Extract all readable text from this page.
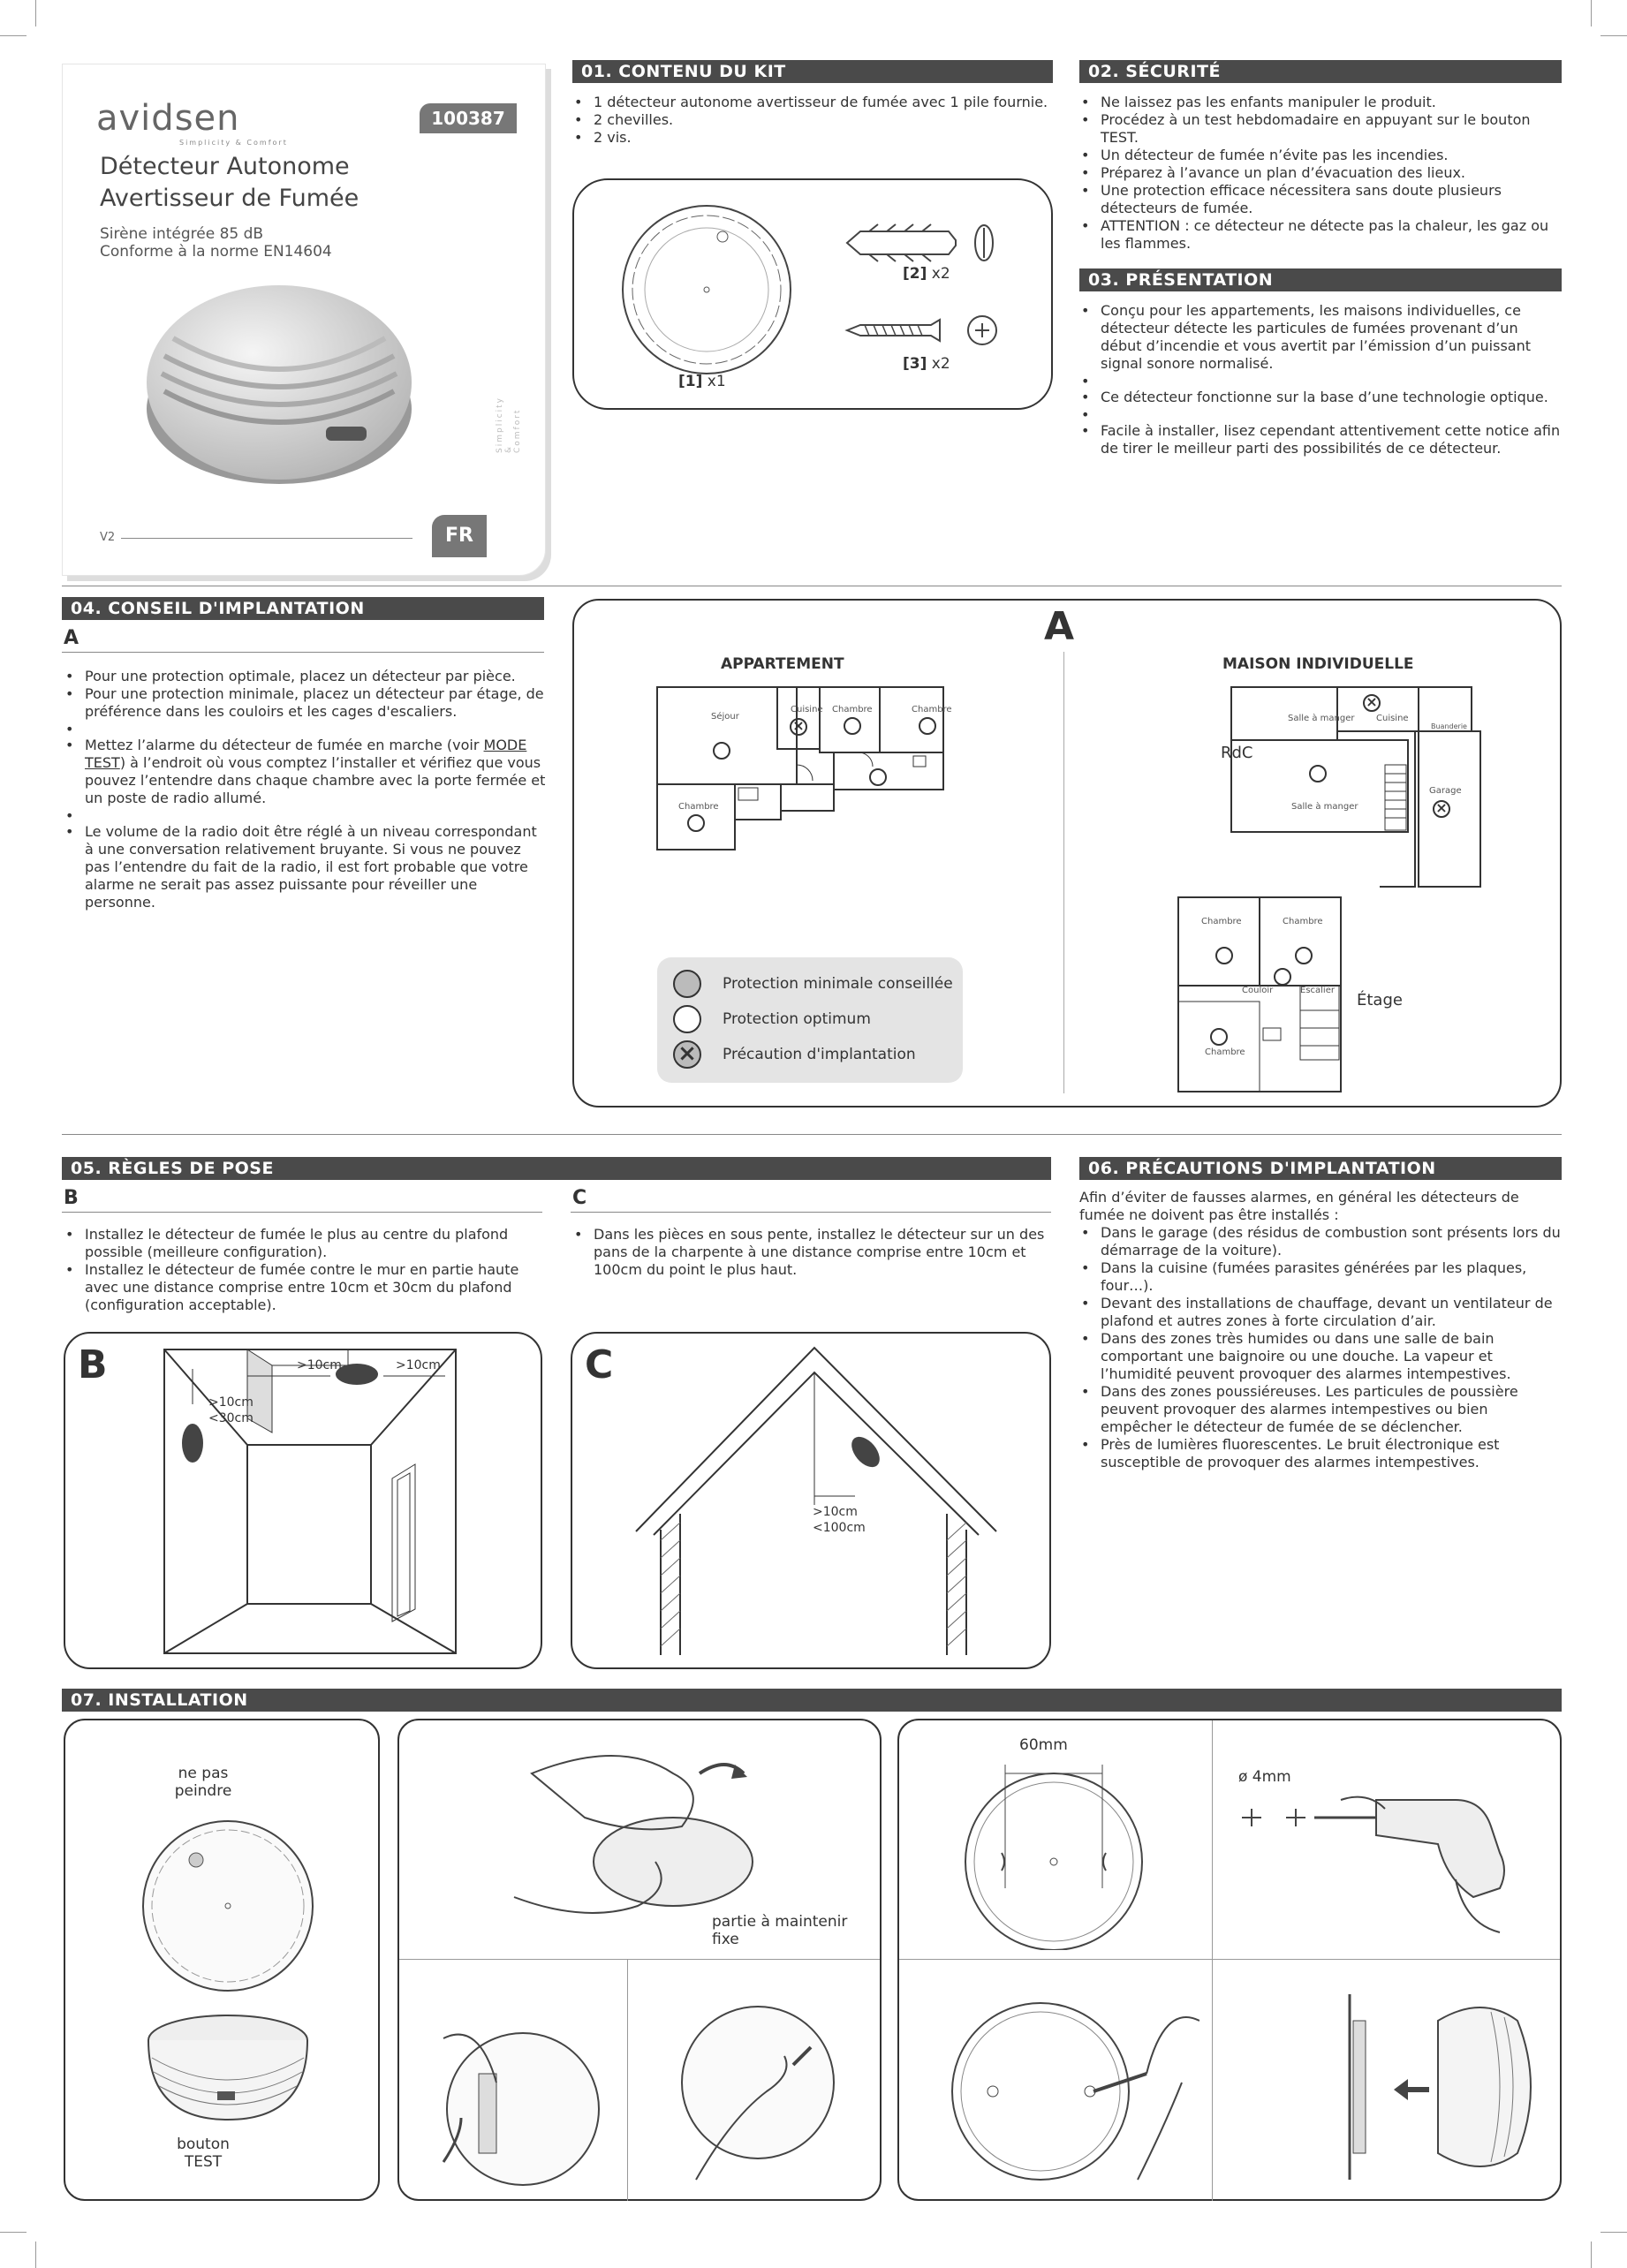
avidsen
Simplicity & Comfort
100387
Détecteur Autonome
Avertisseur de Fumée
Sirène intégrée 85 dB
Conforme à la norme EN14604
Simplicity & Comfort
V2	FR
01. CONTENU DU KIT
• 1 détecteur autonome avertisseur de fumée avec 1 pile fournie.
• 2 chevilles.
• 2 vis.
[1] x1
[2] x2
[3] x2
02. SÉCURITÉ
• Ne laissez pas les enfants manipuler le produit.
• Procédez à un test hebdomadaire en appuyant sur le bouton TEST.
• Un détecteur de fumée n’évite pas les incendies.
• Préparez à l’avance un plan d’évacuation des lieux.
• Une protection efficace nécessitera sans doute plusieurs détecteurs de fumée.
• ATTENTION : ce détecteur ne détecte pas la chaleur, les gaz ou les flammes.
03. PRÉSENTATION
• Conçu pour les appartements, les maisons individuelles, ce détecteur détecte les particules de fumées provenant d’un début d’incendie et vous avertit par l’émission d’un puissant signal sonore normalisé.
•
• Ce détecteur fonctionne sur la base d’une technologie optique.
•
• Facile à installer, lisez cependant attentivement cette notice afin de tirer le meilleur parti des possibilités de ce détecteur.
04. CONSEIL D'IMPLANTATION
A
• Pour une protection optimale, placez un détecteur par pièce.
• Pour une protection minimale, placez un détecteur par étage, de préférence dans les couloirs et les cages d'escaliers.
•
• Mettez l’alarme du détecteur de fumée en marche (voir MODE TEST) à l’endroit où vous comptez l’installer et vérifiez que vous pouvez l’entendre dans chaque chambre avec la porte fermée et un poste de radio allumé.
•
• Le volume de la radio doit être réglé à un niveau correspondant à une conversation relativement bruyante. Si vous ne pouvez pas l’entendre du fait de la radio, il est fort probable que votre alarme ne serait pas assez puissante pour réveiller une personne.
A
APPARTEMENT	MAISON INDIVIDUELLE
Séjour
Cuisine Chambre	Chambre
Chambre
×	Salle à manger Cuisine
Buanderie
Garage
Salle à manger
×
×
RdC
Chambre	Chambre
Couloir	Escalier
Chambre
Étage
Protection minimale conseillée
Protection optimum
×	Précaution d'implantation
05. RÈGLES DE POSE
B	C
• Installez le détecteur de fumée le plus au centre du plafond possible (meilleure configuration).
• Installez le détecteur de fumée contre le mur en partie haute avec une distance comprise entre 10cm et 30cm du plafond (configuration acceptable).
• Dans les pièces en sous pente, installez le détecteur sur un des pans de la charpente à une distance comprise entre 10cm et 100cm du point le plus haut.
B	>10cm	>10cm
>10cm
<30cm
C
>10cm
<100cm
06. PRÉCAUTIONS D'IMPLANTATION
Afin d’éviter de fausses alarmes, en général les détecteurs de fumée ne doivent pas être installés :
• Dans le garage (des résidus de combustion sont présents lors du démarrage de la voiture).
• Dans la cuisine (fumées parasites générées par les plaques, four…).
• Devant des installations de chauffage, devant un ventilateur de plafond et autres zones à forte circulation d’air.
• Dans des zones très humides ou dans une salle de bain comportant une baignoire ou une douche. La vapeur et l’humidité peuvent provoquer des alarmes intempestives.
• Dans des zones poussiéreuses. Les particules de poussière peuvent provoquer des alarmes intempestives ou bien empêcher le détecteur de fumée de se déclencher.
• Près de lumières fluorescentes. Le bruit électronique est susceptible de provoquer des alarmes intempestives.
07. INSTALLATION
ne pas
peindre
bouton
TEST
partie à maintenir
fixe
60mm
ø 4mm
